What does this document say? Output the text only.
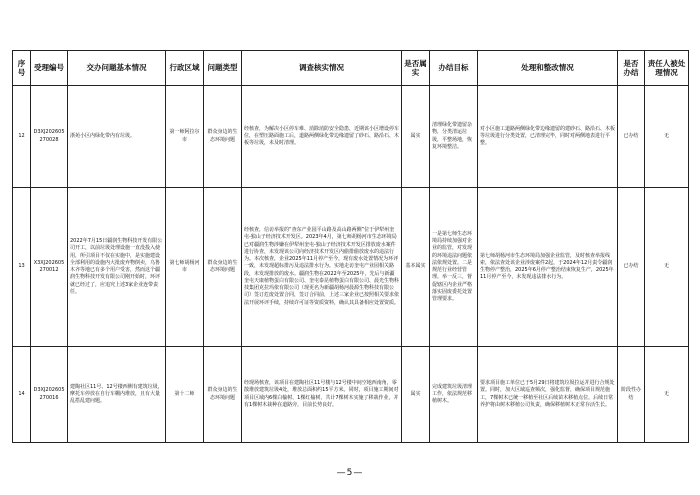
序号	受理编号	交办问题基本情况	行政区域	问题类型	调查核实情况	是否属实	办结目标	处理和整改情况	是否办结	责任人被处理情况
12	D3XJ202605270028	浙苑小区内绿化带内有垃圾。	第一师阿拉尔市	群众身边的生态环境问题	经核查，为解决小区停车难、消除消防安全隐患，近期该小区增设停车位，在塑压路面施工后，道路两侧绿化带边缘遗留了砂石、路沿石、木板等垃圾，未及时清理。	属实	清理绿化带遗留杂物，分类清运垃圾，平整场地，恢复环境整洁。	对小区施工道路两侧绿化带边缘遗留的建砂石、路沿石、木板等垃圾进行分类处置，已清理完毕，同时对两侧地表进行平整。	已办结	无
13	X3XJ202605270012	2022年7月15日疆润生物科技开发有限公司开工，以前垃圾处理设施一直没投入使用，所引项目不仅在实施中，是实施建设全部利用的设施内大批废弃物倒卖，乌鲁木齐等地已有多个用户受害，然而这个疆润生物科技开发有限公司刚开始时，环评就已经过了，应追究上述3家企业连带责任。	第七师胡杨河市	群众身边的生态环境问题	经核查，信访举报的“查东产业园平山路及高山路两侧”位于伊犁州奎屯-独山子经济技术开发区。2023年4月，第七师胡杨河市生态环境局已对疆润生物涉嫌在伊犁州奎屯-独山子经济技术开发区排放废水案件进行协查，未发现该公司向经济技术开发区内偷排偷放废水的违法行为。本次核查，企业2025年11月停产至今，现有废水处置情况为环评一致，未发现超标排污及违法排水行为。实地走访奎屯产业园相关路段，未发现排放的废水。疆润生物在2022年至2025年，先后与新疆奎屯天康植物蛋白有限公司、奎屯泰昆植物蛋白有限公司、晨光生物科技集团克拉玛依有限公司（现更名为新疆胡杨河晨源生物科技有限公司）签订危废处置合同，签订合同前，上述三家企业已按照相关要求依法开展环评手续，持续许可证等资质资料，确认其具备相应处置资质。	基本属实	一是第七师生态环境局持续加强对企业的监管，对发现的环境违法问题依法依规处置。二是规范行业经营管理。举一反三，督促辖区内企业严格落实固废委托处置管理要求。	第七师胡杨河市生态环境局加强企业监管，及时核查举报线索，依法查处该企业涉废案件2起，于2024年12月责令疆润生物停产整治，2025年6月停产整治结束恢复生产，2025年11月停产至今，未发现违法排水行为。	已办结	无
14	D3XJ202605270016	建陶社区11号、12号楼西侧有建筑垃圾，摩托车停放在自行车棚内堆放，且有大量乱搭乱建问题。	第十二师	群众身边的生态环境问题	经现场核查，该项目在建陶社区11号楼与12号楼中间空地西南角，零散堆放建筑垃圾4处，堆放总面积约15平方米。同时，项目施工期间对项目区域内6棵白榆树、1棵红榆树，共计7棵树木实施了移栽作业，并有1棵树木栽种在道路旁，目前长势良好。	属实	完成建筑垃圾清理工作，依法规范移植树木。	要求项目施工单位已于5月29日将建筑垃圾拉运并进行合规处置。同时，加大区域巡查频次，强化监督，确保项目规范施工，7棵树木已统一移植至社区后续苗木移植点位，后续日常养护将由树木移植公司负责，确保移植树木正常存活生长。	阶段性办结	无
—5—
